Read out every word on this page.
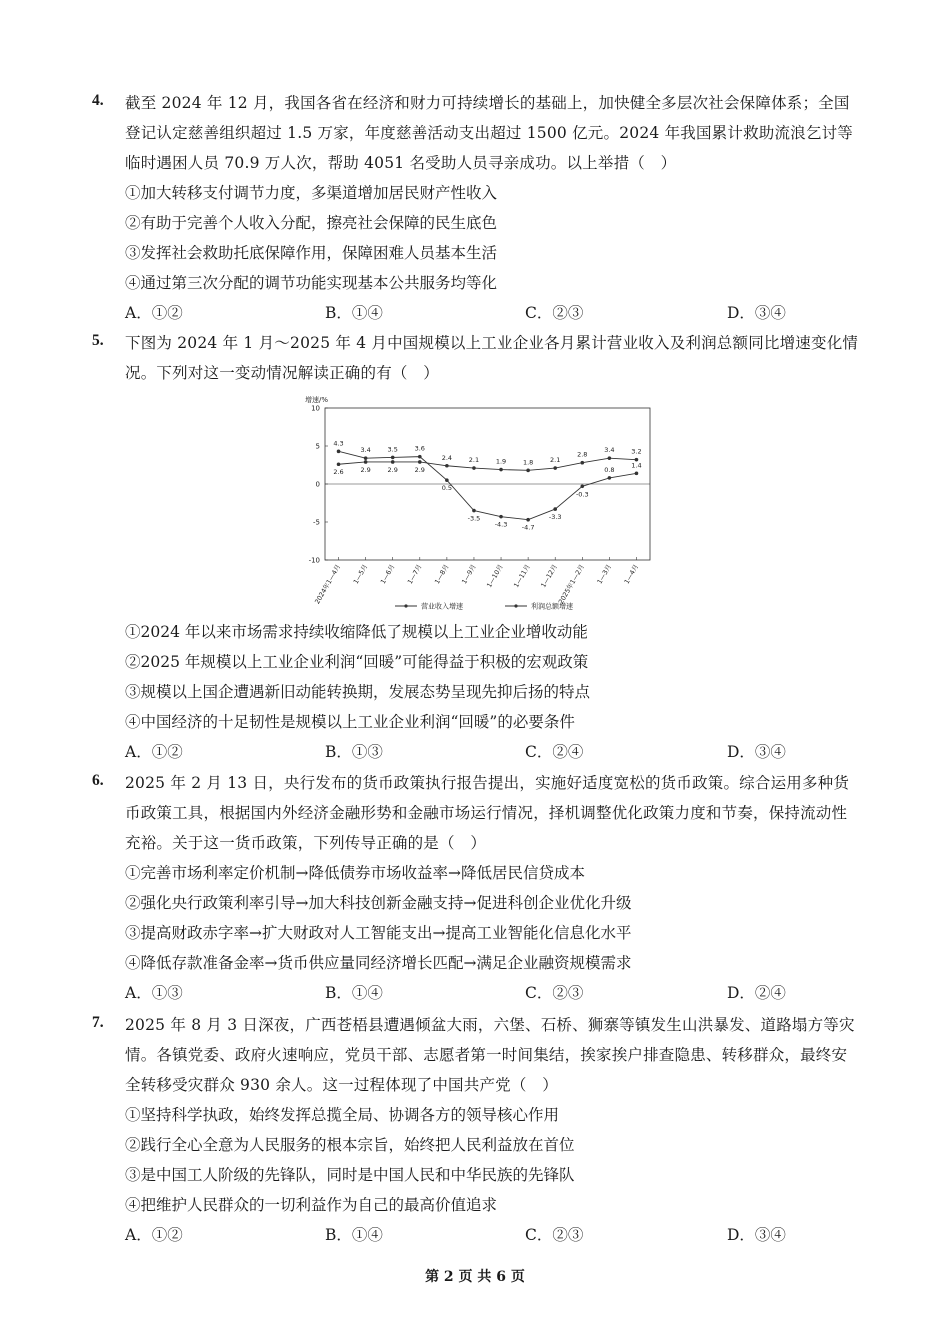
4. 截至 2024 年 12 月，我国各省在经济和财力可持续增长的基础上，加快健全多层次社会保障体系；全国登记认定慈善组织超过 1.5 万家，年度慈善活动支出超过 1500 亿元。2024 年我国累计救助流浪乞讨等临时遇困人员 70.9 万人次，帮助 4051 名受助人员寻亲成功。以上举措（　）
①加大转移支付调节力度，多渠道增加居民财产性收入
②有助于完善个人收入分配，擦亮社会保障的民生底色
③发挥社会救助托底保障作用，保障困难人员基本生活
④通过第三次分配的调节功能实现基本公共服务均等化
A．①②	B．①④	C．②③	D．③④
5. 下图为 2024 年 1 月～2025 年 4 月中国规模以上工业企业各月累计营业收入及利润总额同比增速变化情况。下列对这一变动情况解读正确的有（　）
增速/%
-10
-5
0
5
10
2024年1—4月 1—5月 1—6月 1—7月 1—8月 1—9月 1—10月 1—11月 1—12月
2025年1—2月 1—3月 1—4月
2.6	2.9	2.9	2.9
2.4	2.1	1.9	1.8	2.1
2.8
3.4	3.2
4.3
3.4	3.5	3.6
0.5
-3.5
-4.3 -4.7
-3.3
-0.3
0.8
1.4
营业收入增速	利润总额增速
①2024 年以来市场需求持续收缩降低了规模以上工业企业增收动能
②2025 年规模以上工业企业利润“回暖”可能得益于积极的宏观政策
③规模以上国企遭遇新旧动能转换期，发展态势呈现先抑后扬的特点
④中国经济的十足韧性是规模以上工业企业利润“回暖”的必要条件
A．①②	B．①③	C．②④	D．③④
6. 2025 年 2 月 13 日，央行发布的货币政策执行报告提出，实施好适度宽松的货币政策。综合运用多种货币政策工具，根据国内外经济金融形势和金融市场运行情况，择机调整优化政策力度和节奏，保持流动性充裕。关于这一货币政策，下列传导正确的是（　）
①完善市场利率定价机制→降低债券市场收益率→降低居民信贷成本
②强化央行政策利率引导→加大科技创新金融支持→促进科创企业优化升级
③提高财政赤字率→扩大财政对人工智能支出→提高工业智能化信息化水平
④降低存款准备金率→货币供应量同经济增长匹配→满足企业融资规模需求
A．①③	B．①④	C．②③	D．②④
7. 2025 年 8 月 3 日深夜，广西苍梧县遭遇倾盆大雨，六堡、石桥、狮寨等镇发生山洪暴发、道路塌方等灾情。各镇党委、政府火速响应，党员干部、志愿者第一时间集结，挨家挨户排查隐患、转移群众，最终安全转移受灾群众 930 余人。这一过程体现了中国共产党（　）
①坚持科学执政，始终发挥总揽全局、协调各方的领导核心作用
②践行全心全意为人民服务的根本宗旨，始终把人民利益放在首位
③是中国工人阶级的先锋队，同时是中国人民和中华民族的先锋队
④把维护人民群众的一切利益作为自己的最高价值追求
A．①②	B．①④	C．②③	D．③④
第 2 页 共 6 页
